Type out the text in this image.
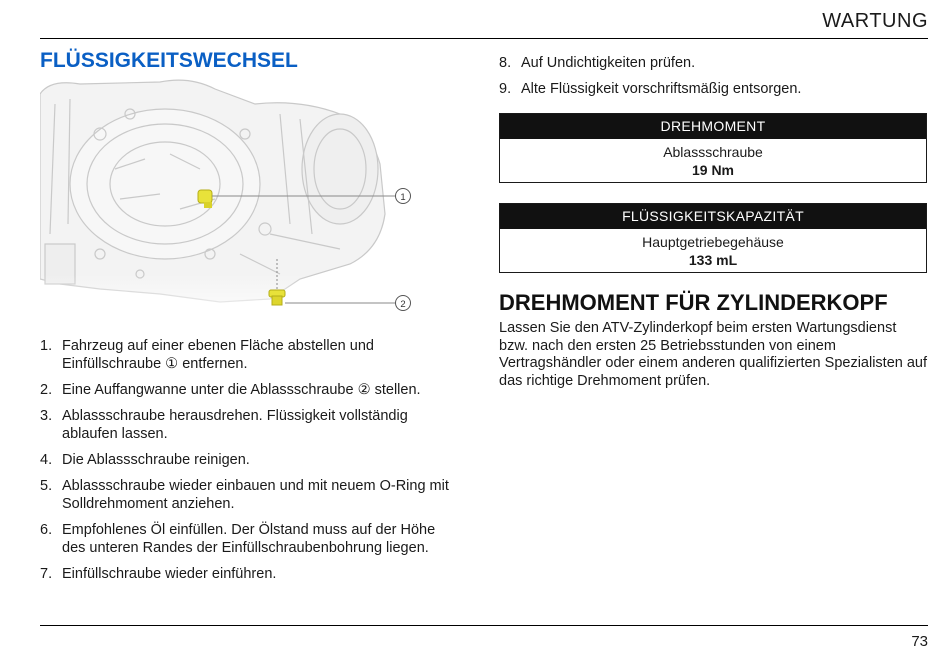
WARTUNG
FLÜSSIGKEITSWECHSEL
1
2
1. Fahrzeug auf einer ebenen Fläche abstellen und Einfüllschraube ① entfernen.
2. Eine Auffangwanne unter die Ablassschraube ② stellen.
3. Ablassschraube herausdrehen. Flüssigkeit vollständig ablaufen lassen.
4. Die Ablassschraube reinigen.
5. Ablassschraube wieder einbauen und mit neuem O-Ring mit Solldrehmoment anziehen.
6. Empfohlenes Öl einfüllen. Der Ölstand muss auf der Höhe des unteren Randes der Einfüllschraubenbohrung liegen.
7. Einfüllschraube wieder einführen.
8. Auf Undichtigkeiten prüfen.
9. Alte Flüssigkeit vorschriftsmäßig entsorgen.
DREHMOMENT
Ablassschraube
19 Nm
FLÜSSIGKEITSKAPAZITÄT
Hauptgetriebegehäuse
133 mL
DREHMOMENT FÜR ZYLINDERKOPF

Lassen Sie den ATV-Zylinderkopf beim ersten Wartungsdienst bzw. nach den ersten 25 Betriebsstunden von einem Vertragshändler oder einem anderen qualifizierten Spezialisten auf das richtige Drehmoment prüfen.

73
